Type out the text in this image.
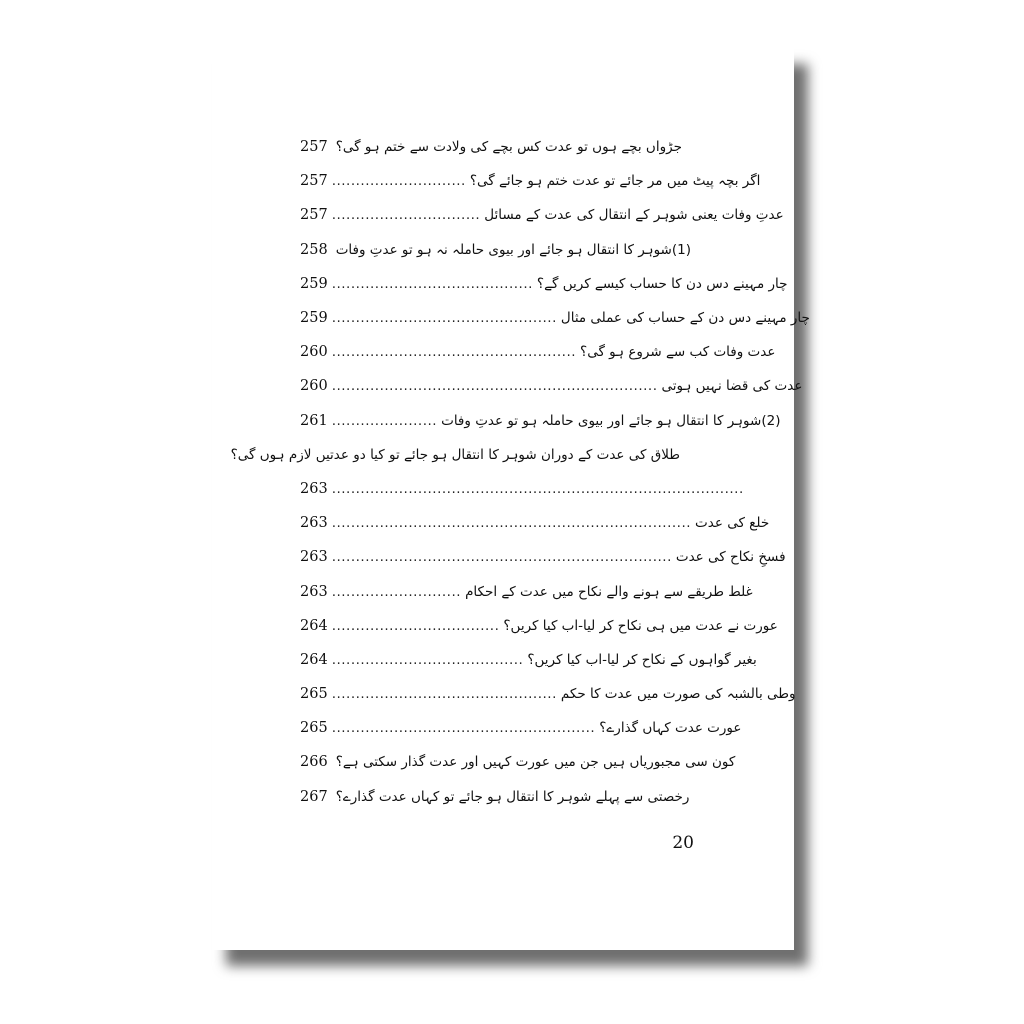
257 جڑواں بچے ہوں تو عدت کس بچے کی ولادت سے ختم ہو گی؟
257 ............................ اگر بچہ پیٹ میں مر جائے تو عدت ختم ہو جائے گی؟
257 ............................... عدتِ وفات یعنی شوہر کے انتقال کی عدت کے مسائل
258 (1)شوہر کا انتقال ہو جائے اور بیوی حاملہ نہ ہو تو عدتِ وفات
259 .......................................... چار مہینے دس دن کا حساب کیسے کریں گے؟
259 ............................................... چار مہینے دس دن کے حساب کی عملی مثال
260 ................................................... عدت وفات کب سے شروع ہو گی؟
260 .................................................................... عدت کی قضا نہیں ہوتی
261 ...................... (2)شوہر کا انتقال ہو جائے اور بیوی حاملہ ہو تو عدتِ وفات
طلاق کی عدت کے دوران شوہر کا انتقال ہو جائے تو کیا دو عدتیں لازم ہوں گی؟
263 ......................................................................................
263 ........................................................................... خلع کی عدت
263 ....................................................................... فسخِ نکاح کی عدت
263 ........................... غلط طریقے سے ہونے والے نکاح میں عدت کے احکام
264 ................................... عورت نے عدت میں ہی نکاح کر لیا-اب کیا کریں؟
264 ........................................ بغیر گواہوں کے نکاح کر لیا-اب کیا کریں؟
265 ............................................... وطی بالشبہ کی صورت میں عدت کا حکم
265 ....................................................... عورت عدت کہاں گذارے؟
266 کون سی مجبوریاں ہیں جن میں عورت کہیں اور عدت گذار سکتی ہے؟
267 رخصتی سے پہلے شوہر کا انتقال ہو جائے تو کہاں عدت گذارے؟
20
